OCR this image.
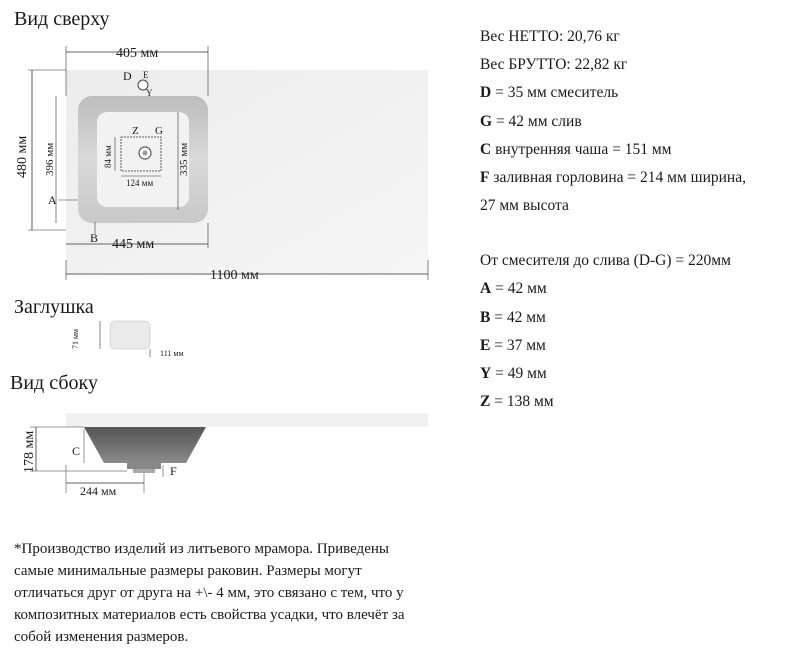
Вид сверху
Заглушка
Вид сбоку
405 мм
480 мм 396 мм	335 мм
84 мм
124 мм
D E
Y
Z G
A
B 445 мм
1100 мм
71 мм
111 мм
178 мм	C
F
244 мм
Вес НЕТТО: 20,76 кг
Вес БРУТТО: 22,82 кг
D = 35 мм смеситель
G = 42 мм слив
C внутренняя чаша = 151 мм
F заливная горловина = 214 мм ширина,
27 мм высота
От смесителя до слива (D-G) = 220мм
A = 42 мм
B = 42 мм
E = 37 мм
Y = 49 мм
Z = 138 мм
*Производство изделий из литьевого мрамора. Приведены
самые минимальные размеры раковин. Размеры могут
отличаться друг от друга на +\- 4 мм, это связано с тем, что у
композитных материалов есть свойства усадки, что влечёт за
собой изменения размеров.
